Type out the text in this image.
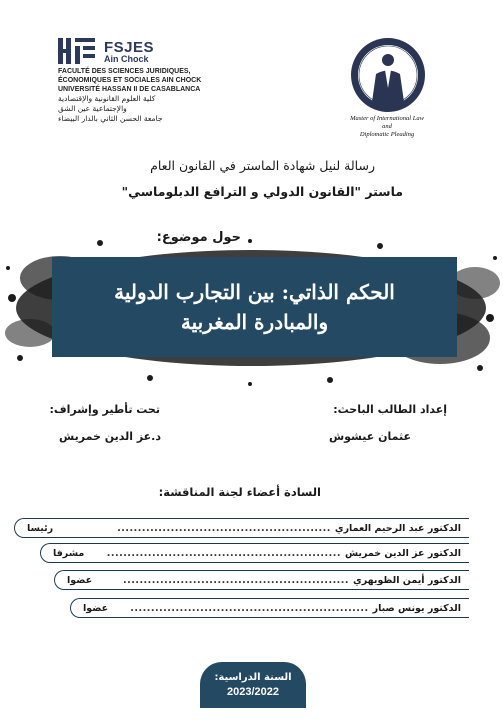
FSJES
Ain Chock
FACULTÉ DES SCIENCES JURIDIQUES,
ÉCONOMIQUES ET SOCIALES AIN CHOCK
UNIVERSITÉ HASSAN II DE CASABLANCA
كلية العلوم القانونية والإقتصادية
والإجتماعية عين الشق
جامعة الحسن الثاني بالدار البيضاء	Master of International Law and
Diplomatic Pleading
رسالة لنيل شهادة الماستر في القانون العام
ماستر "القانون الدولي و الترافع الدبلوماسي"
حول موضوع:
الحكم الذاتي: بين التجارب الدولية
والمبادرة المغربية
إعداد الطالب الباحث:
عثمان عيشوش
تحت تأطير وإشراف:
د.عز الدين خمريش
السادة أعضاء لجنة المناقشة:
الدكتور عبد الرحيم العماري
....................................................
رئيسا
الدكتور عز الدين خمريش
.........................................................
مشرفا
الدكتور أيمن الظويهري
.......................................................
عضوا
الدكتور يونس صبار
..........................................................
عضوا
السنة الدراسية:
2023/2022
